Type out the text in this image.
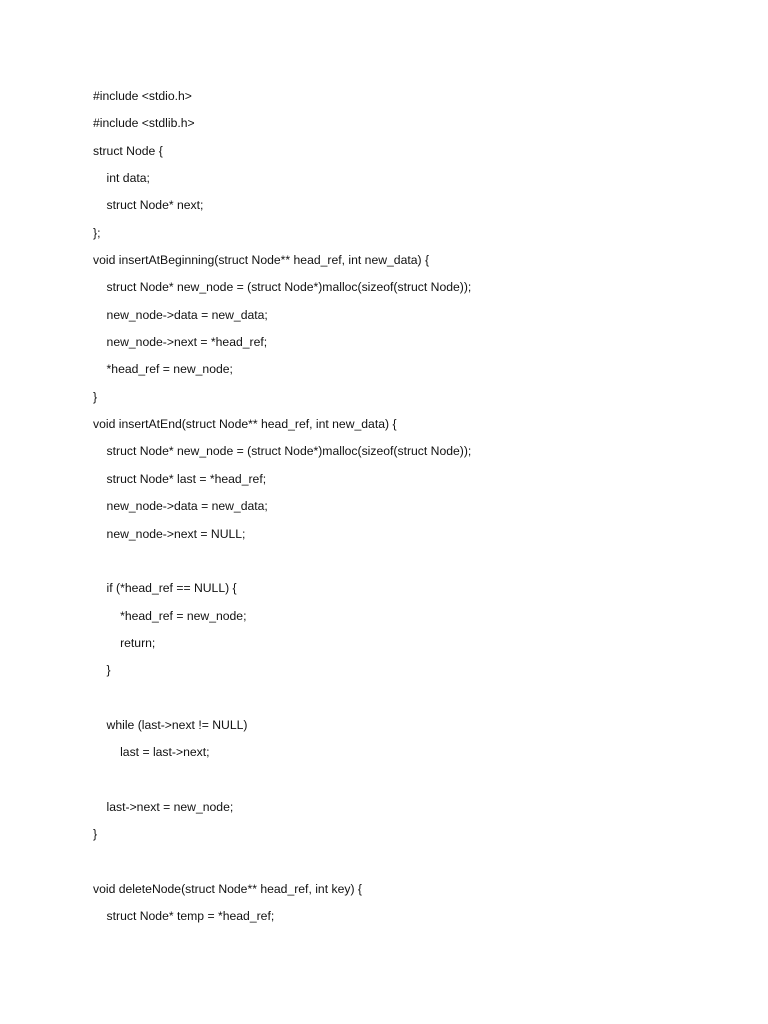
#include <stdio.h>
#include <stdlib.h>
struct Node {
int data;
struct Node* next;
};
void insertAtBeginning(struct Node** head_ref, int new_data) {
struct Node* new_node = (struct Node*)malloc(sizeof(struct Node));
new_node->data = new_data;
new_node->next = *head_ref;
*head_ref = new_node;
}
void insertAtEnd(struct Node** head_ref, int new_data) {
struct Node* new_node = (struct Node*)malloc(sizeof(struct Node));
struct Node* last = *head_ref;
new_node->data = new_data;
new_node->next = NULL;
if (*head_ref == NULL) {
*head_ref = new_node;
return;
}
while (last->next != NULL)
last = last->next;
last->next = new_node;
}
void deleteNode(struct Node** head_ref, int key) {
struct Node* temp = *head_ref;
